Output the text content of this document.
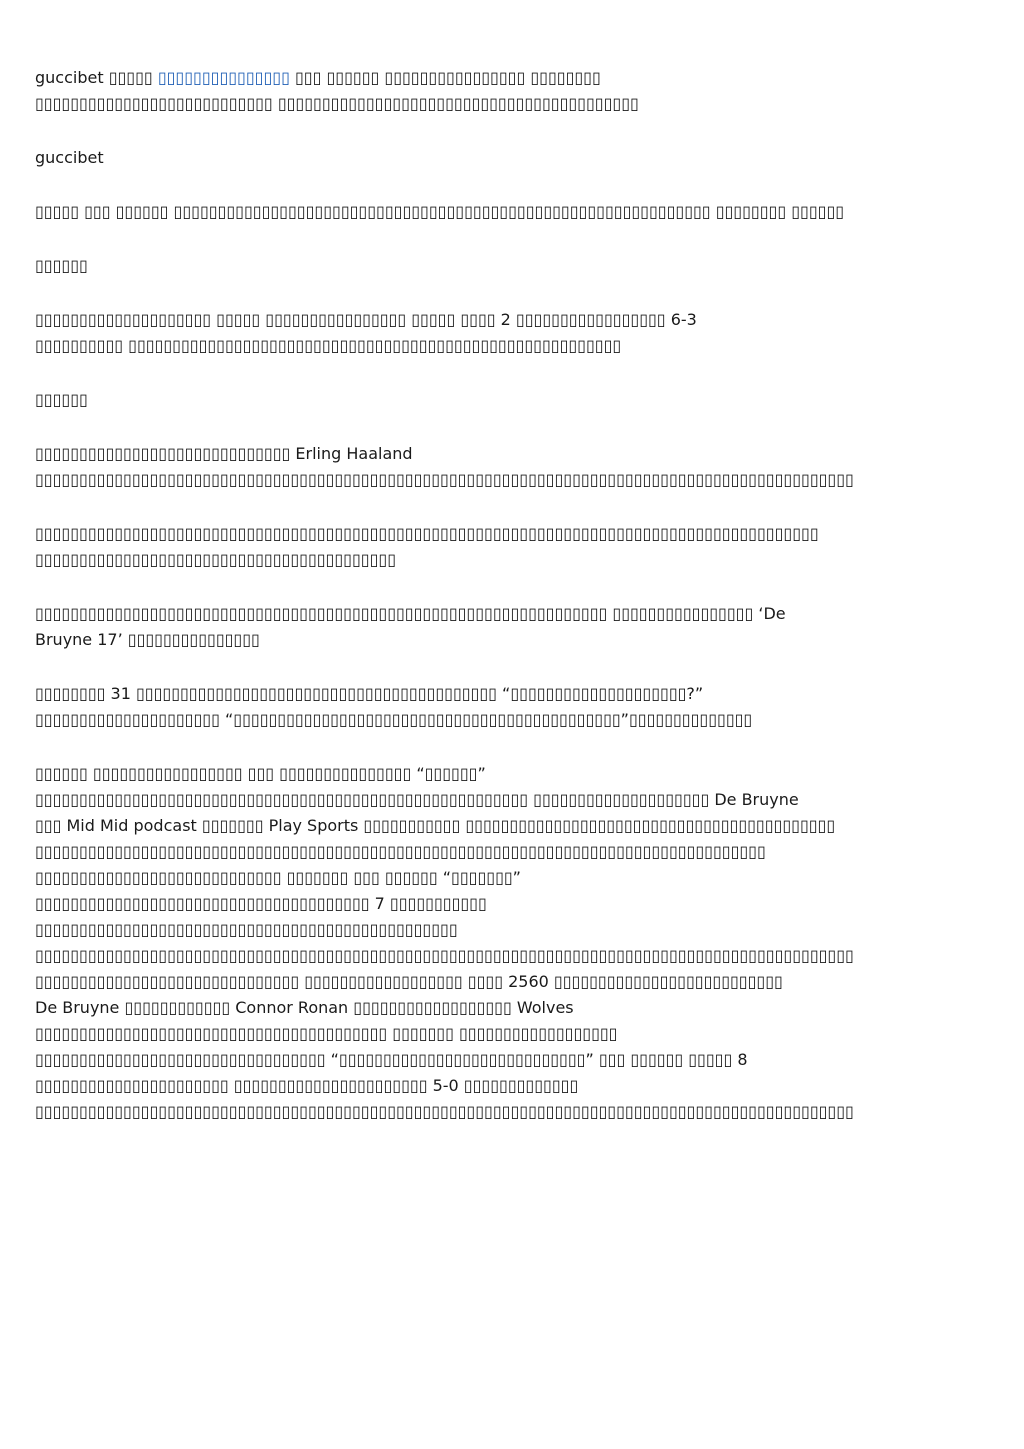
guccibet ▯▯▯▯▯ ▯▯▯▯▯▯▯▯▯▯▯▯▯▯▯ ▯▯▯ ▯▯▯▯▯▯ ▯▯▯▯▯▯▯▯▯▯▯▯▯▯▯▯ ▯▯▯▯▯▯▯▯
▯▯▯▯▯▯▯▯▯▯▯▯▯▯▯▯▯▯▯▯▯▯▯▯▯▯▯ ▯▯▯▯▯▯▯▯▯▯▯▯▯▯▯▯▯▯▯▯▯▯▯▯▯▯▯▯▯▯▯▯▯▯▯▯▯▯▯▯▯

guccibet

▯▯▯▯▯ ▯▯▯ ▯▯▯▯▯▯ ▯▯▯▯▯▯▯▯▯▯▯▯▯▯▯▯▯▯▯▯▯▯▯▯▯▯▯▯▯▯▯▯▯▯▯▯▯▯▯▯▯▯▯▯▯▯▯▯▯▯▯▯▯▯▯▯▯▯▯▯▯ ▯▯▯▯▯▯▯▯ ▯▯▯▯▯▯

▯▯▯▯▯▯

▯▯▯▯▯▯▯▯▯▯▯▯▯▯▯▯▯▯▯▯ ▯▯▯▯▯ ▯▯▯▯▯▯▯▯▯▯▯▯▯▯▯▯ ▯▯▯▯▯ ▯▯▯▯ 2 ▯▯▯▯▯▯▯▯▯▯▯▯▯▯▯▯▯ 6-3
▯▯▯▯▯▯▯▯▯▯ ▯▯▯▯▯▯▯▯▯▯▯▯▯▯▯▯▯▯▯▯▯▯▯▯▯▯▯▯▯▯▯▯▯▯▯▯▯▯▯▯▯▯▯▯▯▯▯▯▯▯▯▯▯▯▯▯

▯▯▯▯▯▯

▯▯▯▯▯▯▯▯▯▯▯▯▯▯▯▯▯▯▯▯▯▯▯▯▯▯▯▯▯ Erling Haaland

▯▯▯▯▯▯▯▯▯▯▯▯▯▯▯▯▯▯▯▯▯▯▯▯▯▯▯▯▯▯▯▯▯▯▯▯▯▯▯▯▯▯▯▯▯▯▯▯▯▯▯▯▯▯▯▯▯▯▯▯▯▯▯▯▯▯▯▯▯▯▯▯▯▯▯▯▯▯▯▯▯▯▯▯▯▯▯▯▯▯▯▯▯

▯▯▯▯▯▯▯▯▯▯▯▯▯▯▯▯▯▯▯▯▯▯▯▯▯▯▯▯▯▯▯▯▯▯▯▯▯▯▯▯▯▯▯▯▯▯▯▯▯▯▯▯▯▯▯▯▯▯▯▯▯▯▯▯▯▯▯▯▯▯▯▯▯▯▯▯▯▯▯▯▯▯▯▯▯▯▯▯▯
▯▯▯▯▯▯▯▯▯▯▯▯▯▯▯▯▯▯▯▯▯▯▯▯▯▯▯▯▯▯▯▯▯▯▯▯▯▯▯▯▯

▯▯▯▯▯▯▯▯▯▯▯▯▯▯▯▯▯▯▯▯▯▯▯▯▯▯▯▯▯▯▯▯▯▯▯▯▯▯▯▯▯▯▯▯▯▯▯▯▯▯▯▯▯▯▯▯▯▯▯▯▯▯▯▯▯ ▯▯▯▯▯▯▯▯▯▯▯▯▯▯▯▯ ‘De
Bruyne 17’ ▯▯▯▯▯▯▯▯▯▯▯▯▯▯▯

▯▯▯▯▯▯▯▯ 31 ▯▯▯▯▯▯▯▯▯▯▯▯▯▯▯▯▯▯▯▯▯▯▯▯▯▯▯▯▯▯▯▯▯▯▯▯▯▯▯▯▯ “▯▯▯▯▯▯▯▯▯▯▯▯▯▯▯▯▯▯▯▯?”
▯▯▯▯▯▯▯▯▯▯▯▯▯▯▯▯▯▯▯▯▯ “▯▯▯▯▯▯▯▯▯▯▯▯▯▯▯▯▯▯▯▯▯▯▯▯▯▯▯▯▯▯▯▯▯▯▯▯▯▯▯▯▯▯▯▯”▯▯▯▯▯▯▯▯▯▯▯▯▯▯

▯▯▯▯▯▯ ▯▯▯▯▯▯▯▯▯▯▯▯▯▯▯▯▯ ▯▯▯ ▯▯▯▯▯▯▯▯▯▯▯▯▯▯▯ “▯▯▯▯▯▯”
▯▯▯▯▯▯▯▯▯▯▯▯▯▯▯▯▯▯▯▯▯▯▯▯▯▯▯▯▯▯▯▯▯▯▯▯▯▯▯▯▯▯▯▯▯▯▯▯▯▯▯▯▯▯▯▯ ▯▯▯▯▯▯▯▯▯▯▯▯▯▯▯▯▯▯▯▯ De Bruyne
▯▯▯ Mid Mid podcast ▯▯▯▯▯▯▯ Play Sports ▯▯▯▯▯▯▯▯▯▯▯ ▯▯▯▯▯▯▯▯▯▯▯▯▯▯▯▯▯▯▯▯▯▯▯▯▯▯▯▯▯▯▯▯▯▯▯▯▯▯▯▯▯▯
▯▯▯▯▯▯▯▯▯▯▯▯▯▯▯▯▯▯▯▯▯▯▯▯▯▯▯▯▯▯▯▯▯▯▯▯▯▯▯▯▯▯▯▯▯▯▯▯▯▯▯▯▯▯▯▯▯▯▯▯▯▯▯▯▯▯▯▯▯▯▯▯▯▯▯▯▯▯▯▯▯▯▯
▯▯▯▯▯▯▯▯▯▯▯▯▯▯▯▯▯▯▯▯▯▯▯▯▯▯▯▯ ▯▯▯▯▯▯▯ ▯▯▯ ▯▯▯▯▯▯ “▯▯▯▯▯▯▯”
▯▯▯▯▯▯▯▯▯▯▯▯▯▯▯▯▯▯▯▯▯▯▯▯▯▯▯▯▯▯▯▯▯▯▯▯▯▯ 7 ▯▯▯▯▯▯▯▯▯▯▯
▯▯▯▯▯▯▯▯▯▯▯▯▯▯▯▯▯▯▯▯▯▯▯▯▯▯▯▯▯▯▯▯▯▯▯▯▯▯▯▯▯▯▯▯▯▯▯▯
▯▯▯▯▯▯▯▯▯▯▯▯▯▯▯▯▯▯▯▯▯▯▯▯▯▯▯▯▯▯▯▯▯▯▯▯▯▯▯▯▯▯▯▯▯▯▯▯▯▯▯▯▯▯▯▯▯▯▯▯▯▯▯▯▯▯▯▯▯▯▯▯▯▯▯▯▯▯▯▯▯▯▯▯▯▯▯▯▯▯▯▯▯
▯▯▯▯▯▯▯▯▯▯▯▯▯▯▯▯▯▯▯▯▯▯▯▯▯▯▯▯▯▯ ▯▯▯▯▯▯▯▯▯▯▯▯▯▯▯▯▯▯ ▯▯▯▯ 2560 ▯▯▯▯▯▯▯▯▯▯▯▯▯▯▯▯▯▯▯▯▯▯▯▯▯▯
De Bruyne ▯▯▯▯▯▯▯▯▯▯▯▯ Connor Ronan ▯▯▯▯▯▯▯▯▯▯▯▯▯▯▯▯▯▯ Wolves
▯▯▯▯▯▯▯▯▯▯▯▯▯▯▯▯▯▯▯▯▯▯▯▯▯▯▯▯▯▯▯▯▯▯▯▯▯▯▯▯ ▯▯▯▯▯▯▯ ▯▯▯▯▯▯▯▯▯▯▯▯▯▯▯▯▯▯
▯▯▯▯▯▯▯▯▯▯▯▯▯▯▯▯▯▯▯▯▯▯▯▯▯▯▯▯▯▯▯▯▯ “▯▯▯▯▯▯▯▯▯▯▯▯▯▯▯▯▯▯▯▯▯▯▯▯▯▯▯▯” ▯▯▯ ▯▯▯▯▯▯ ▯▯▯▯▯ 8
▯▯▯▯▯▯▯▯▯▯▯▯▯▯▯▯▯▯▯▯▯▯ ▯▯▯▯▯▯▯▯▯▯▯▯▯▯▯▯▯▯▯▯▯▯ 5-0 ▯▯▯▯▯▯▯▯▯▯▯▯▯
▯▯▯▯▯▯▯▯▯▯▯▯▯▯▯▯▯▯▯▯▯▯▯▯▯▯▯▯▯▯▯▯▯▯▯▯▯▯▯▯▯▯▯▯▯▯▯▯▯▯▯▯▯▯▯▯▯▯▯▯▯▯▯▯▯▯▯▯▯▯▯▯▯▯▯▯▯▯▯▯▯▯▯▯▯▯▯▯▯▯▯▯▯
